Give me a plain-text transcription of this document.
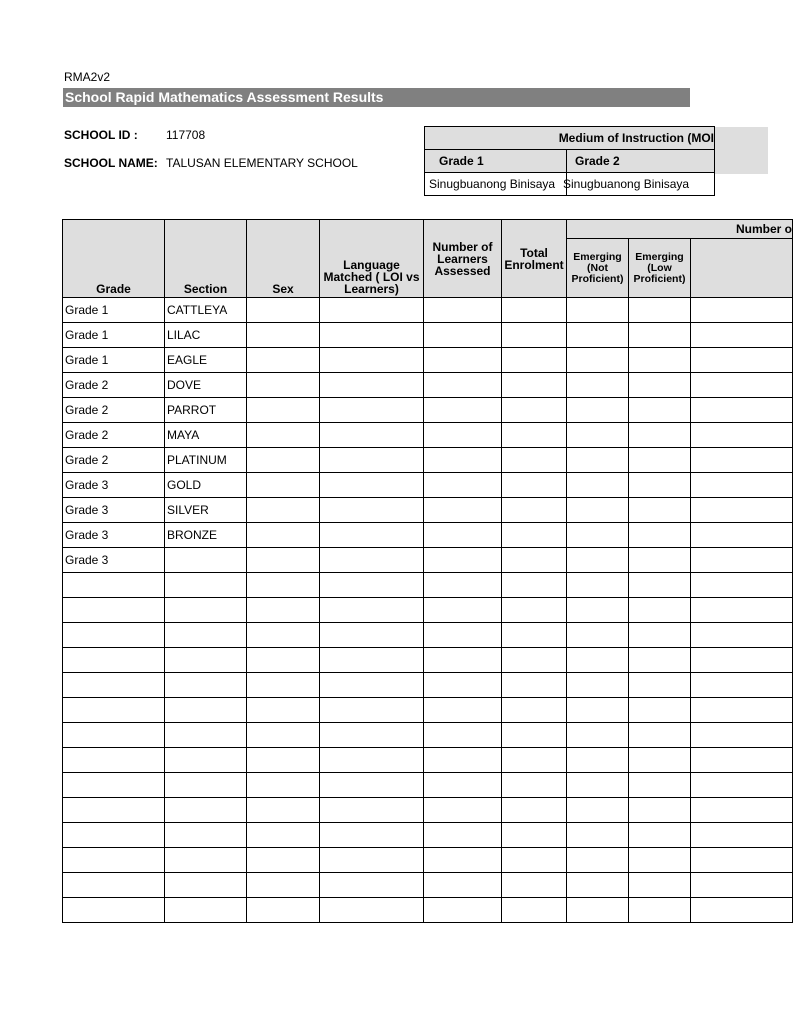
RMA2v2
School Rapid Mathematics Assessment Results
SCHOOL ID : 117708
SCHOOL NAME: TALUSAN ELEMENTARY SCHOOL
Medium of Instruction (MOI	
Grade 1	Grade 2
Sinugbuanong Binisaya	Sinugbuanong Binisaya
Grade	Section	Sex	Language Matched ( LOI vs Learners)	Number of Learners Assessed	Total Enrolment	Number o		
						Emerging (Not Proficient)	Emerging (Low Proficient)	
Grade 1	CATTLEYA							
Grade 1	LILAC							
Grade 1	EAGLE							
Grade 2	DOVE							
Grade 2	PARROT							
Grade 2	MAYA							
Grade 2	PLATINUM							
Grade 3	GOLD							
Grade 3	SILVER							
Grade 3	BRONZE							
Grade 3								
